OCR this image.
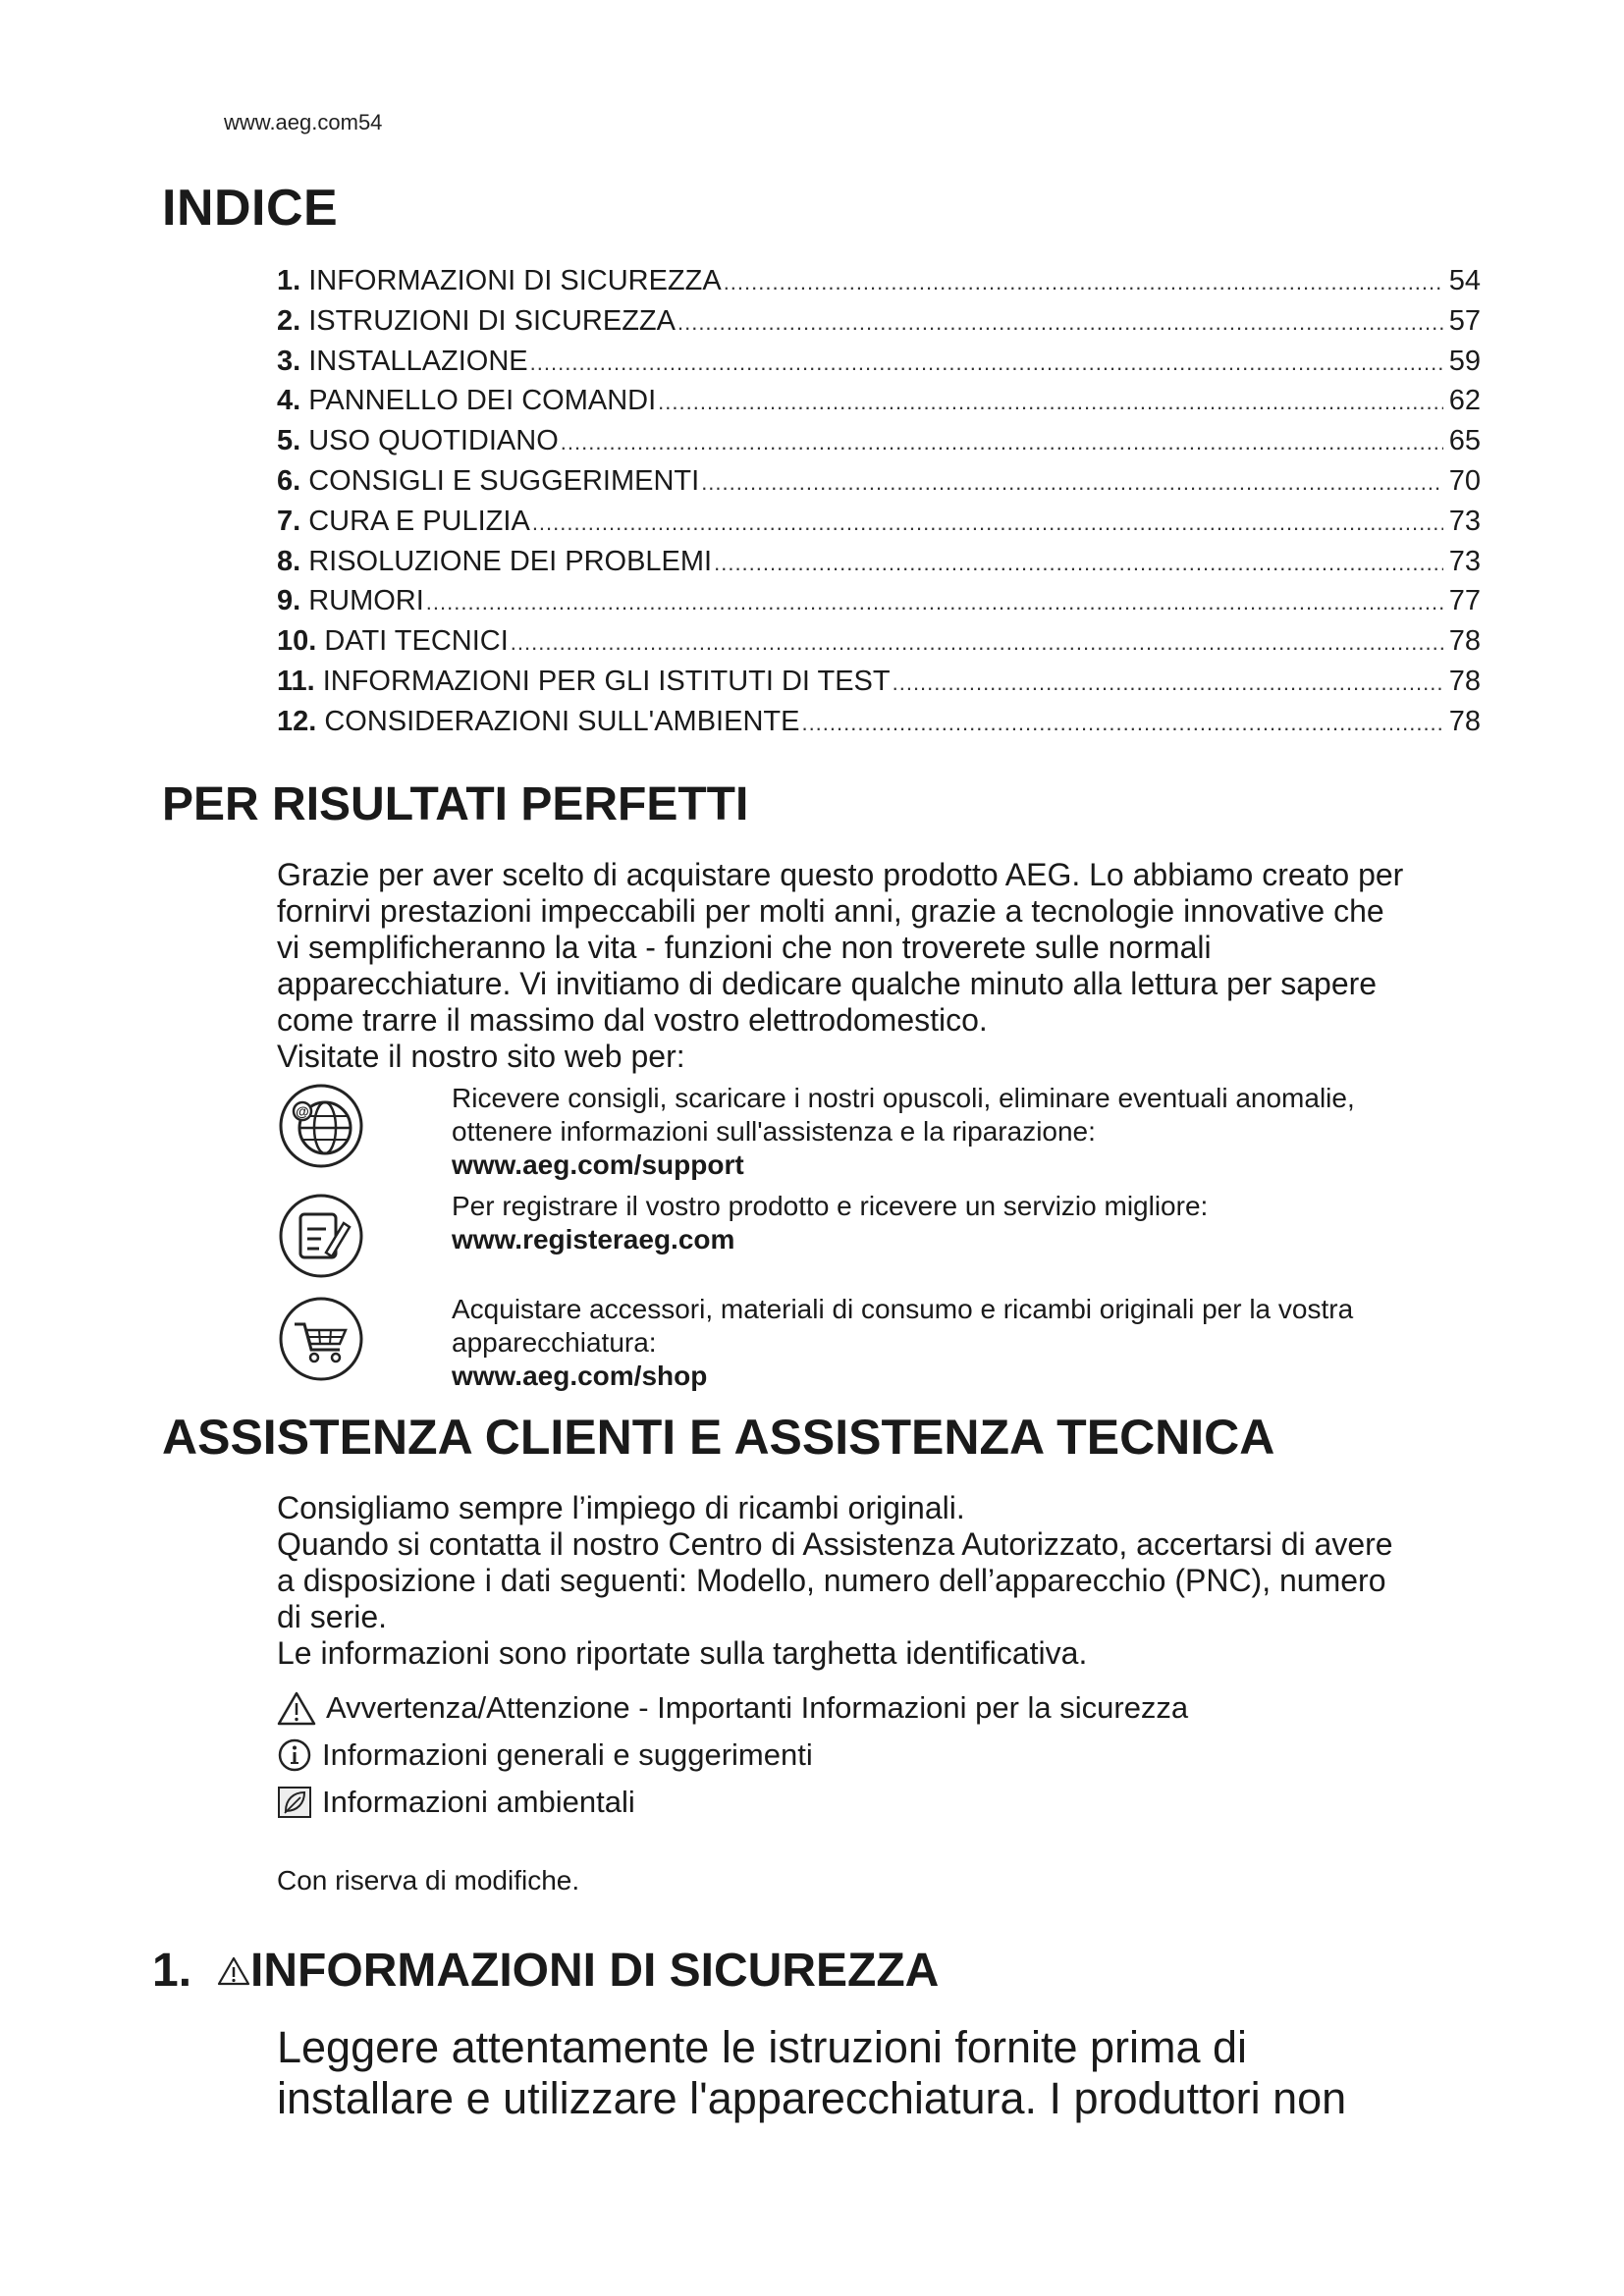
www.aeg.com54
INDICE
1. INFORMAZIONI DI SICUREZZA .....	54
2. ISTRUZIONI DI SICUREZZA .....	57
3. INSTALLAZIONE .....	59
4. PANNELLO DEI COMANDI .....	62
5. USO QUOTIDIANO .....	65
6. CONSIGLI E SUGGERIMENTI .....	70
7. CURA E PULIZIA .....	73
8. RISOLUZIONE DEI PROBLEMI .....	73
9. RUMORI .....	77
10. DATI TECNICI .....	78
11. INFORMAZIONI PER GLI ISTITUTI DI TEST .....	78
12. CONSIDERAZIONI SULL'AMBIENTE .....	78
PER RISULTATI PERFETTI
Grazie per aver scelto di acquistare questo prodotto AEG. Lo abbiamo creato per
fornirvi prestazioni impeccabili per molti anni, grazie a tecnologie innovative che
vi semplificheranno la vita - funzioni che non troverete sulle normali
apparecchiature. Vi invitiamo di dedicare qualche minuto alla lettura per sapere
come trarre il massimo dal vostro elettrodomestico.
Visitate il nostro sito web per:
@	Ricevere consigli, scaricare i nostri opuscoli, eliminare eventuali anomalie,
ottenere informazioni sull'assistenza e la riparazione:
www.aeg.com/support
Per registrare il vostro prodotto e ricevere un servizio migliore:
www.registeraeg.com
Acquistare accessori, materiali di consumo e ricambi originali per la vostra
apparecchiatura:
www.aeg.com/shop
ASSISTENZA CLIENTI E ASSISTENZA TECNICA
Consigliamo sempre l’impiego di ricambi originali.
Quando si contatta il nostro Centro di Assistenza Autorizzato, accertarsi di avere
a disposizione i dati seguenti: Modello, numero dell’apparecchio (PNC), numero
di serie.
Le informazioni sono riportate sulla targhetta identificativa.
Avvertenza/Attenzione - Importanti Informazioni per la sicurezza
Informazioni generali e suggerimenti
Informazioni ambientali
Con riserva di modifiche.
1. INFORMAZIONI DI SICUREZZA
Leggere attentamente le istruzioni fornite prima di
installare e utilizzare l'apparecchiatura. I produttori non
